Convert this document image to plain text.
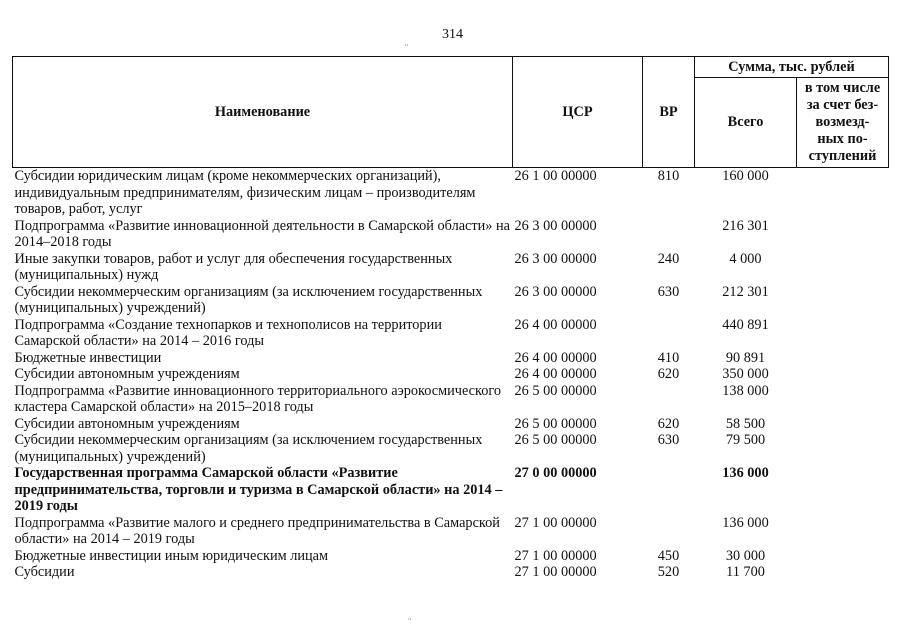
314
Наименование	ЦСР	ВР	Сумма, тыс. рублей	
			Всего	в том числе
за счет без-
возмезд-
ных по-
ступлений
Субсидии юридическим лицам (кроме некоммерческих организаций), индивидуальным предпринимателям, физическим лицам – производителям товаров, работ, услуг	26 1 00 00000	810	160 000	
Подпрограмма «Развитие инновационной деятельности в Самарской области» на 2014–2018 годы	26 3 00 00000		216 301	
Иные закупки товаров, работ и услуг для обеспечения государственных (муниципальных) нужд	26 3 00 00000	240	4 000	
Субсидии некоммерческим организациям (за исключением государственных (муниципальных) учреждений)	26 3 00 00000	630	212 301	
Подпрограмма «Создание технопарков и технополисов на территории Самарской области» на 2014 – 2016 годы	26 4 00 00000		440 891	
Бюджетные инвестиции	26 4 00 00000	410	90 891	
Субсидии автономным учреждениям	26 4 00 00000	620	350 000	
Подпрограмма «Развитие инновационного территориального аэрокосмического кластера Самарской области» на 2015–2018 годы	26 5 00 00000		138 000	
Субсидии автономным учреждениям	26 5 00 00000	620	58 500	
Субсидии некоммерческим организациям (за исключением государственных (муниципальных) учреждений)	26 5 00 00000	630	79 500	
Государственная программа Самарской области «Развитие предпринимательства, торговли и туризма в Самарской области» на 2014 – 2019 годы	27 0 00 00000		136 000	
Подпрограмма «Развитие малого и среднего предпринимательства в Самарской области» на 2014 – 2019 годы	27 1 00 00000		136 000	
Бюджетные инвестиции иным юридическим лицам	27 1 00 00000	450	30 000	
Субсидии	27 1 00 00000	520	11 700	
¨
¨
